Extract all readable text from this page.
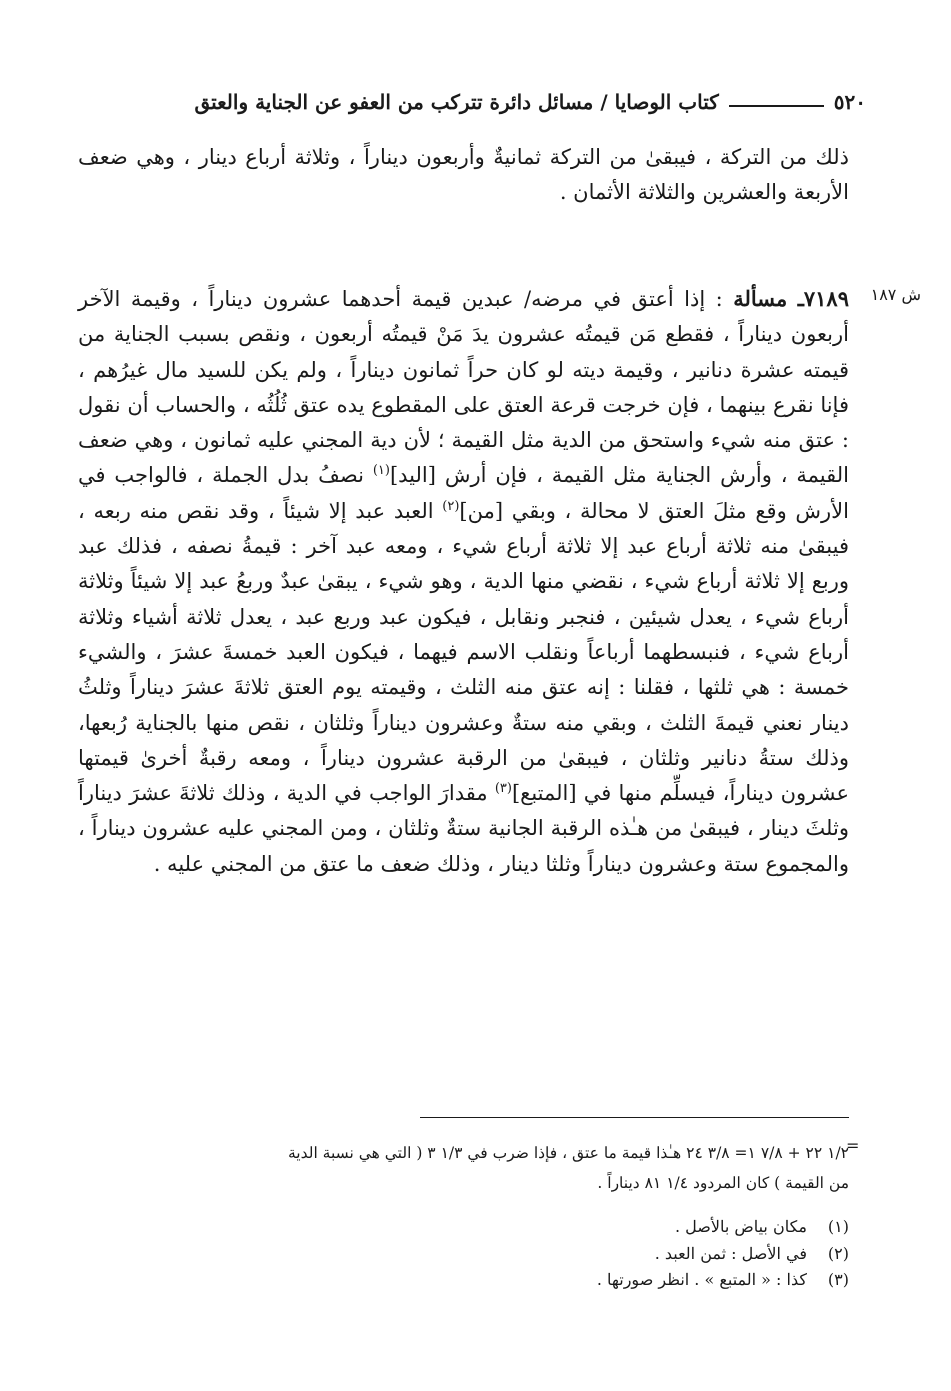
٥٢٠
كتاب الوصايا / مسائل دائرة تتركب من العفو عن الجناية والعتق

ذلك من التركة ، فيبقىٰ من التركة ثمانيةٌ وأربعون ديناراً ، وثلاثة أرباع دينار ، وهي ضعف الأربعة والعشرين والثلاثة الأثمان .

ش ١٨٧

٧١٨٩ـ مسألة : إذا أعتق في مرضه/ عبدين قيمة أحدهما عشرون ديناراً ، وقيمة الآخر أربعون ديناراً ، فقطع مَن قيمتُه عشرون يدَ مَنْ قيمتُه أربعون ، ونقص بسبب الجناية من قيمته عشرة دنانير ، وقيمة ديته لو كان حراً ثمانون ديناراً ، ولم يكن للسيد مال غيرُهم ، فإنا نقرع بينهما ، فإن خرجت قرعة العتق على المقطوع يده عتق ثُلُثُه ، والحساب أن نقول : عتق منه شيء واستحق من الدية مثل القيمة ؛ لأن دية المجني عليه ثمانون ، وهي ضعف القيمة ، وأرش الجناية مثل القيمة ، فإن أرش [اليد]$^{(١)}$ نصفُ بدل الجملة ، فالواجب في الأرش وقع مثلَ العتق لا محالة ، وبقي [من]$^{(٢)}$ العبد عبد إلا شيئاً ، وقد نقص منه ربعه ، فيبقىٰ منه ثلاثة أرباع عبد إلا ثلاثة أرباع شيء ، ومعه عبد آخر : قيمةُ نصفه ، فذلك عبد وربع إلا ثلاثة أرباع شيء ، نقضي منها الدية ، وهو شيء ، يبقىٰ عبدٌ وربعُ عبد إلا شيئاً وثلاثة أرباع شيء ، يعدل شيئين ، فنجبر ونقابل ، فيكون عبد وربع عبد ، يعدل ثلاثة أشياء وثلاثة أرباع شيء ، فنبسطهما أرباعاً ونقلب الاسم فيهما ، فيكون العبد خمسةَ عشرَ ، والشيء خمسة : هي ثلثها ، فقلنا : إنه عتق منه الثلث ، وقيمته يوم العتق ثلاثةَ عشرَ ديناراً وثلثُ دينار نعني قيمةَ الثلث ، وبقي منه ستةٌ وعشرون ديناراً وثلثان ، نقص منها بالجناية رُبعها، وذلك ستةُ دنانير وثلثان ، فيبقىٰ من الرقبة عشرون ديناراً ، ومعه رقبةٌ أخرىٰ قيمتها عشرون ديناراً، فيسلِّم منها في [المتبع]$^{(٣)}$ مقدارَ الواجب في الدية ، وذلك ثلاثةَ عشرَ ديناراً وثلثَ دينار ، فيبقىٰ من هـٰذه الرقبة الجانية ستةٌ وثلثان ، ومن المجني عليه عشرون ديناراً ، والمجموع ستة وعشرون ديناراً وثلثا دينار ، وذلك ضعف ما عتق من المجني عليه .

=
١/٢ ٢٢ + ٧/٨ ١= ٣/٨ ٢٤ هـٰذا قيمة ما عتق ، فإذا ضرب في ١/٣ ٣ ( التي هي نسبة الدية
من القيمة ) كان المردود ١/٤ ٨١ ديناراً .
(١)
مكان بياض بالأصل .
(٢)
في الأصل : ثمن العبد .
(٣)
كذا : « المتبع » . انظر صورتها .
